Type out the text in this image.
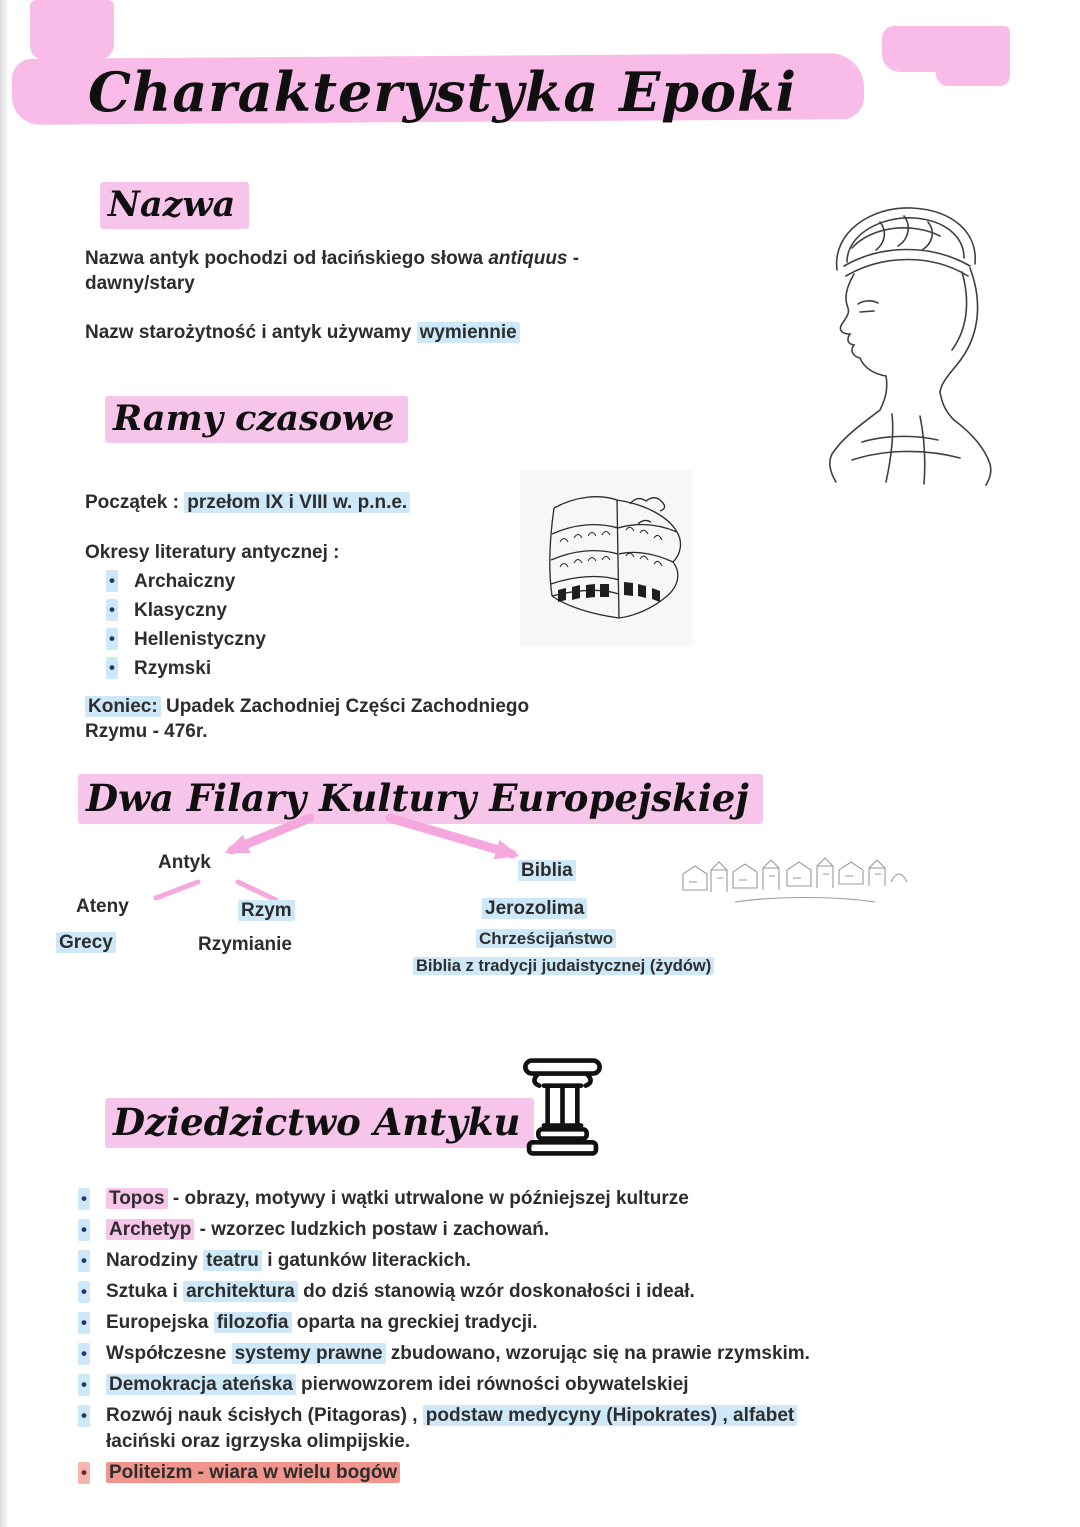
Charakterystyka Epoki
Nazwa

Nazwa antyk pochodzi od łacińskiego słowa antiquus -
dawny/stary

Nazw starożytność i antyk używamy wymiennie

Ramy czasowe

Początek : przełom IX i VIII w. p.n.e.

Okresy literatury antycznej :

• Archaiczny
• Klasyczny
• Hellenistyczny
• Rzymski

Koniec: Upadek Zachodniej Części Zachodniego
Rzymu - 476r.

Dwa Filary Kultury Europejskiej
Antyk
Ateny	Rzym
Grecy	Rzymianie
Biblia
Jerozolima
Chrześcijaństwo
Biblia z tradycji judaistycznej (żydów)
Dziedzictwo Antyku
• Topos - obrazy, motywy i wątki utrwalone w późniejszej kulturze
• Archetyp - wzorzec ludzkich postaw i zachowań.
• Narodziny teatru i gatunków literackich.
• Sztuka i architektura do dziś stanowią wzór doskonałości i ideał.
• Europejska filozofia oparta na greckiej tradycji.
• Współczesne systemy prawne zbudowano, wzorując się na prawie rzymskim.
• Demokracja ateńska pierwowzorem idei równości obywatelskiej
• Rozwój nauk ścisłych (Pitagoras) , podstaw medycyny (Hipokrates) , alfabet
łaciński oraz igrzyska olimpijskie.
• Politeizm - wiara w wielu bogów
